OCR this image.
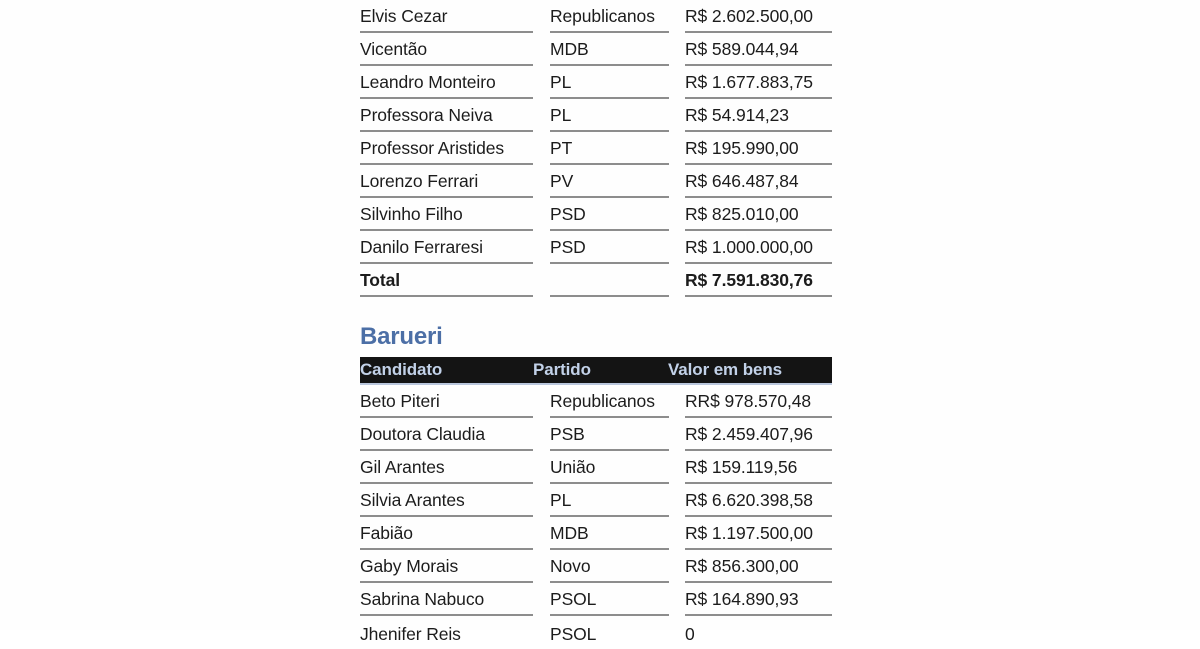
Elvis Cezar		Republicanos		R$ 2.602.500,00
Vicentão		MDB		R$ 589.044,94
Leandro Monteiro		PL		R$ 1.677.883,75
Professora Neiva		PL		R$ 54.914,23
Professor Aristides		PT		R$ 195.990,00
Lorenzo Ferrari		PV		R$ 646.487,84
Silvinho Filho		PSD		R$ 825.010,00
Danilo Ferraresi		PSD		R$ 1.000.000,00
Total				R$ 7.591.830,76
Barueri
Candidato	Partido	Valor em bens
Beto Piteri		Republicanos		RR$ 978.570,48
Doutora Claudia		PSB		R$ 2.459.407,96
Gil Arantes		União		R$ 159.119,56
Silvia Arantes		PL		R$ 6.620.398,58
Fabião		MDB		R$ 1.197.500,00
Gaby Morais		Novo		R$ 856.300,00
Sabrina Nabuco		PSOL		R$ 164.890,93
Jhenifer Reis		PSOL		0
